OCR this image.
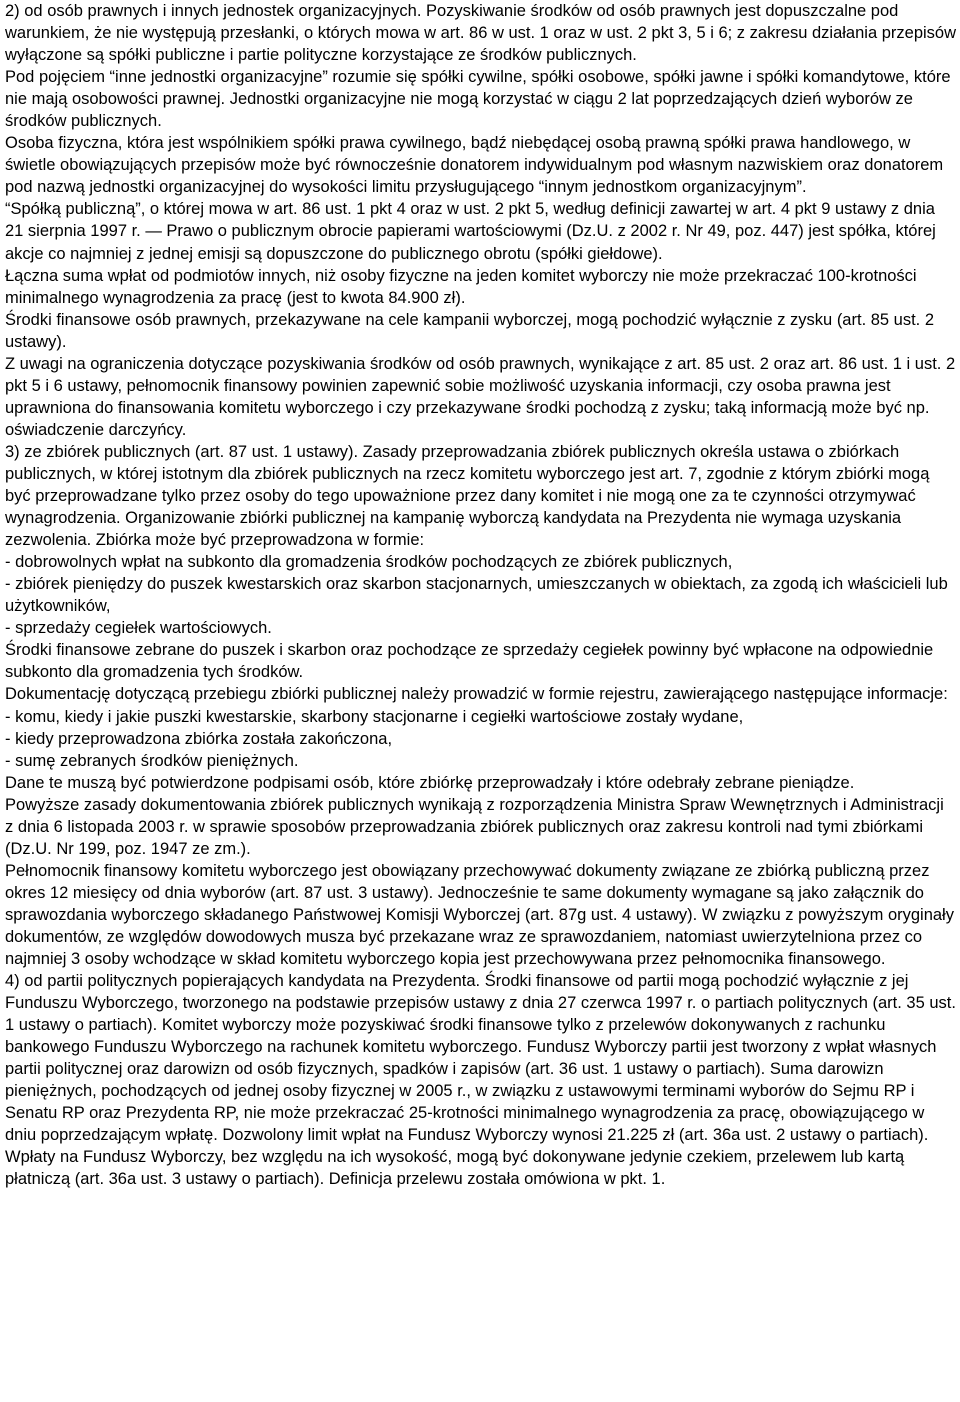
2) od osób prawnych i innych jednostek organizacyjnych. Pozyskiwanie środków od osób prawnych jest dopuszczalne pod warunkiem, że nie występują przesłanki, o których mowa w art. 86 w ust. 1 oraz w ust. 2 pkt 3, 5 i 6; z zakresu działania przepisów wyłączone są spółki publiczne i partie polityczne korzystające ze środków publicznych.

Pod pojęciem “inne jednostki organizacyjne” rozumie się spółki cywilne, spółki osobowe, spółki jawne i spółki komandytowe, które nie mają osobowości prawnej. Jednostki organizacyjne nie mogą korzystać w ciągu 2 lat poprzedzających dzień wyborów ze środków publicznych.

Osoba fizyczna, która jest wspólnikiem spółki prawa cywilnego, bądź niebędącej osobą prawną spółki prawa handlowego, w świetle obowiązujących przepisów może być równocześnie donatorem indywidualnym pod własnym nazwiskiem oraz donatorem pod nazwą jednostki organizacyjnej do wysokości limitu przysługującego “innym jednostkom organizacyjnym”.

“Spółką publiczną”, o której mowa w art. 86 ust. 1 pkt 4 oraz w ust. 2 pkt 5, według definicji zawartej w art. 4 pkt 9 ustawy z dnia 21 sierpnia 1997 r. — Prawo o publicznym obrocie papierami wartościowymi (Dz.U. z 2002 r. Nr 49, poz. 447) jest spółka, której akcje co najmniej z jednej emisji są dopuszczone do publicznego obrotu (spółki giełdowe).

Łączna suma wpłat od podmiotów innych, niż osoby fizyczne na jeden komitet wyborczy nie może przekraczać 100-krotności minimalnego wynagrodzenia za pracę (jest to kwota 84.900 zł).

Środki finansowe osób prawnych, przekazywane na cele kampanii wyborczej, mogą pochodzić wyłącznie z zysku (art. 85 ust. 2 ustawy).

Z uwagi na ograniczenia dotyczące pozyskiwania środków od osób prawnych, wynikające z art. 85 ust. 2 oraz art. 86 ust. 1 i ust. 2 pkt 5 i 6 ustawy, pełnomocnik finansowy powinien zapewnić sobie możliwość uzyskania informacji, czy osoba prawna jest uprawniona do finansowania komitetu wyborczego i czy przekazywane środki pochodzą z zysku; taką informacją może być np. oświadczenie darczyńcy.

3) ze zbiórek publicznych (art. 87 ust. 1 ustawy). Zasady przeprowadzania zbiórek publicznych określa ustawa o zbiórkach publicznych, w której istotnym dla zbiórek publicznych na rzecz komitetu wyborczego jest art. 7, zgodnie z którym zbiórki mogą być przeprowadzane tylko przez osoby do tego upoważnione przez dany komitet i nie mogą one za te czynności otrzymywać wynagrodzenia. Organizowanie zbiórki publicznej na kampanię wyborczą kandydata na Prezydenta nie wymaga uzyskania zezwolenia. Zbiórka może być przeprowadzona w formie:

- dobrowolnych wpłat na subkonto dla gromadzenia środków pochodzących ze zbiórek publicznych,

- zbiórek pieniędzy do puszek kwestarskich oraz skarbon stacjonarnych, umieszczanych w obiektach, za zgodą ich właścicieli lub użytkowników,

- sprzedaży cegiełek wartościowych.

Środki finansowe zebrane do puszek i skarbon oraz pochodzące ze sprzedaży cegiełek powinny być wpłacone na odpowiednie subkonto dla gromadzenia tych środków.

Dokumentację dotyczącą przebiegu zbiórki publicznej należy prowadzić w formie rejestru, zawierającego następujące informacje:

- komu, kiedy i jakie puszki kwestarskie, skarbony stacjonarne i cegiełki wartościowe zostały wydane,

- kiedy przeprowadzona zbiórka została zakończona,

- sumę zebranych środków pieniężnych.

Dane te muszą być potwierdzone podpisami osób, które zbiórkę przeprowadzały i które odebrały zebrane pieniądze.

Powyższe zasady dokumentowania zbiórek publicznych wynikają z rozporządzenia Ministra Spraw Wewnętrznych i Administracji z dnia 6 listopada 2003 r. w sprawie sposobów przeprowadzania zbiórek publicznych oraz zakresu kontroli nad tymi zbiórkami (Dz.U. Nr 199, poz. 1947 ze zm.).

Pełnomocnik finansowy komitetu wyborczego jest obowiązany przechowywać dokumenty związane ze zbiórką publiczną przez okres 12 miesięcy od dnia wyborów (art. 87 ust. 3 ustawy). Jednocześnie te same dokumenty wymagane są jako załącznik do sprawozdania wyborczego składanego Państwowej Komisji Wyborczej (art. 87g ust. 4 ustawy). W związku z powyższym oryginały dokumentów, ze względów dowodowych musza być przekazane wraz ze sprawozdaniem, natomiast uwierzytelniona przez co najmniej 3 osoby wchodzące w skład komitetu wyborczego kopia jest przechowywana przez pełnomocnika finansowego.

4) od partii politycznych popierających kandydata na Prezydenta. Środki finansowe od partii mogą pochodzić wyłącznie z jej Funduszu Wyborczego, tworzonego na podstawie przepisów ustawy z dnia 27 czerwca 1997 r. o partiach politycznych (art. 35 ust. 1 ustawy o partiach). Komitet wyborczy może pozyskiwać środki finansowe tylko z przelewów dokonywanych z rachunku bankowego Funduszu Wyborczego na rachunek komitetu wyborczego. Fundusz Wyborczy partii jest tworzony z wpłat własnych partii politycznej oraz darowizn od osób fizycznych, spadków i zapisów (art. 36 ust. 1 ustawy o partiach). Suma darowizn pieniężnych, pochodzących od jednej osoby fizycznej w 2005 r., w związku z ustawowymi terminami wyborów do Sejmu RP i Senatu RP oraz Prezydenta RP, nie może przekraczać 25-krotności minimalnego wynagrodzenia za pracę, obowiązującego w dniu poprzedzającym wpłatę. Dozwolony limit wpłat na Fundusz Wyborczy wynosi 21.225 zł (art. 36a ust. 2 ustawy o partiach).

Wpłaty na Fundusz Wyborczy, bez względu na ich wysokość, mogą być dokonywane jedynie czekiem, przelewem lub kartą płatniczą (art. 36a ust. 3 ustawy o partiach). Definicja przelewu została omówiona w pkt. 1.
